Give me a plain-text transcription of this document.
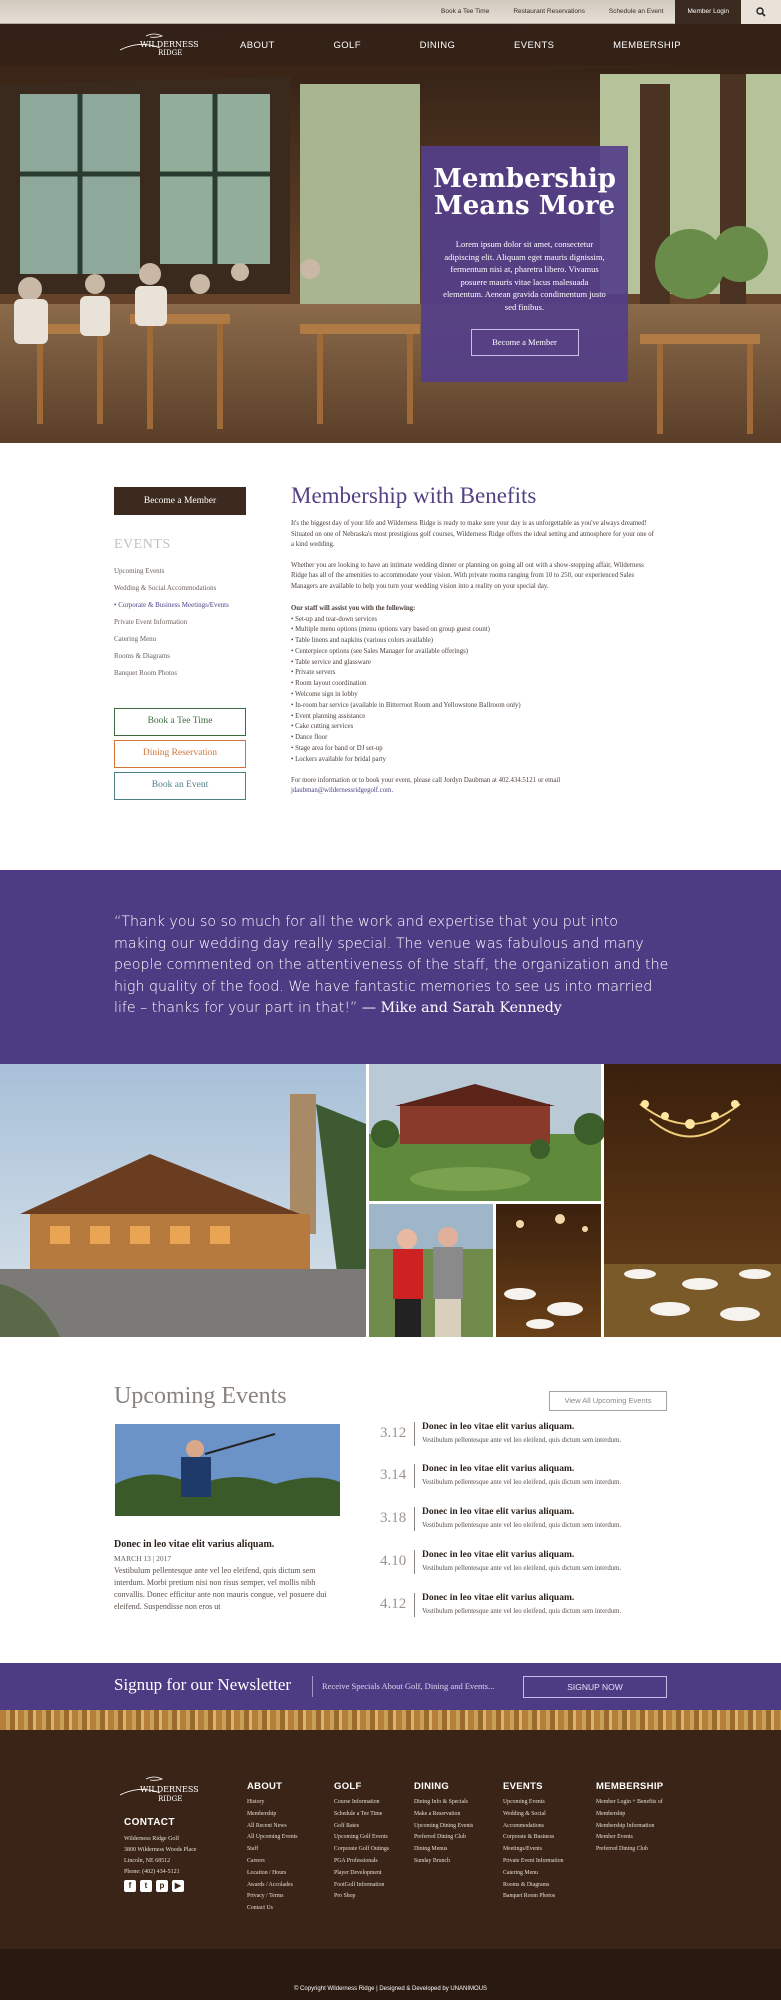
Book a Tee Time	Restaurant Reservations	Schedule an Event	Member Login
Membership
Means More

Lorem ipsum dolor sit amet, consectetur adipiscing elit. Aliquam eget mauris dignissim, fermentum nisi at, pharetra libero. Vivamus posuere mauris vitae lacus malesuada elementum. Aenean gravida condimentum justo sed finibus.

Become a Member
WILDERNESS
RIDGE
ABOUT	GOLF	DINING	EVENTS	MEMBERSHIP
Become a Member
EVENTS
Upcoming Events
Wedding & Social Accommodations
• Corporate & Business Meetings/Events
Private Event Information
Catering Menu
Rooms & Diagrams
Banquet Room Photos
Book a Tee Time
Dining Reservation
Book an Event
Membership with Benefits

It's the biggest day of your life and Wilderness Ridge is ready to make sure your day is as unforgettable as you've always dreamed! Situated on one of Nebraska's most prestigious golf courses, Wilderness Ridge offers the ideal setting and atmosphere for your one of a kind wedding.

Whether you are looking to have an intimate wedding dinner or planning on going all out with a show-stopping affair, Wilderness Ridge has all of the amenities to accommodate your vision. With private rooms ranging from 10 to 250, our experienced Sales Managers are available to help you turn your wedding vision into a reality on your special day.

Our staff will assist you with the following:

• Set-up and tear-down services
• Multiple menu options (menu options vary based on group guest count)
• Table linens and napkins (various colors available)
• Centerpiece options (see Sales Manager for available offerings)
• Table service and glassware
• Private servers
• Room layout coordination
• Welcome sign in lobby
• In-room bar service (available in Bitterroot Room and Yellowstone Ballroom only)
• Event planning assistance
• Cake cutting services
• Dance floor
• Stage area for band or DJ set-up
• Lockers available for bridal party

For more information or to book your event, please call Jordyn Daubman at 402.434.5121 or email jdaubman@wildernessridgegolf.com.

“Thank you so so much for all the work and expertise that you put into making our wedding day really special. The venue was fabulous and many people commented on the attentiveness of the staff, the organization and the high quality of the food. We have fantastic memories to see us into married life – thanks for your part in that!” — Mike and Sarah Kennedy

Upcoming Events	View All Upcoming Events
Donec in leo vitae elit varius aliquam.
MARCH 13 | 2017
Vestibulum pellentesque ante vel leo eleifend, quis dictum sem interdum. Morbi pretium nisi non risus semper, vel mollis nibh convallis. Donec efficitur ante non mauris congue, vel posuere dui eleifend. Suspendisse non eros ut
3.12	Donec in leo vitae elit varius aliquam.
Vestibulum pellentesque ante vel leo eleifend, quis dictum sem interdum.
3.14	Donec in leo vitae elit varius aliquam.
Vestibulum pellentesque ante vel leo eleifend, quis dictum sem interdum.
3.18	Donec in leo vitae elit varius aliquam.
Vestibulum pellentesque ante vel leo eleifend, quis dictum sem interdum.
4.10	Donec in leo vitae elit varius aliquam.
Vestibulum pellentesque ante vel leo eleifend, quis dictum sem interdum.
4.12	Donec in leo vitae elit varius aliquam.
Vestibulum pellentesque ante vel leo eleifend, quis dictum sem interdum.
Signup for our Newsletter	Receive Specials About Golf, Dining and Events...	SIGNUP NOW
WILDERNESS
RIDGE
CONTACT
Wilderness Ridge Golf
3800 Wilderness Woods Place
Lincoln, NE 68512
Phone: (402) 434-5121
f	t	p	▶
ABOUT
History
Membership
All Recent News
All Upcoming Events
Staff
Careers
Location / Hours
Awards / Accolades
Privacy / Terms
Contact Us
GOLF
Course Information
Schedule a Tee Time
Golf Rates
Upcoming Golf Events
Corporate Golf Outings
PGA Professionals
Player Development
FootGolf Information
Pro Shop
DINING
Dining Info & Specials
Make a Reservation
Upcoming Dining Events
Preferred Dining Club
Dining Menus
Sunday Brunch
EVENTS
Upcoming Events
Wedding & Social
Accommodations
Corporate & Business
Meetings/Events
Private Event Information
Catering Menu
Rooms & Diagrams
Banquet Room Photos
MEMBERSHIP
Member Login + Benefits of
Membership
Membership Information
Member Events
Preferred Dining Club
© Copyright Wilderness Ridge | Designed & Developed by UNANIMOUS
